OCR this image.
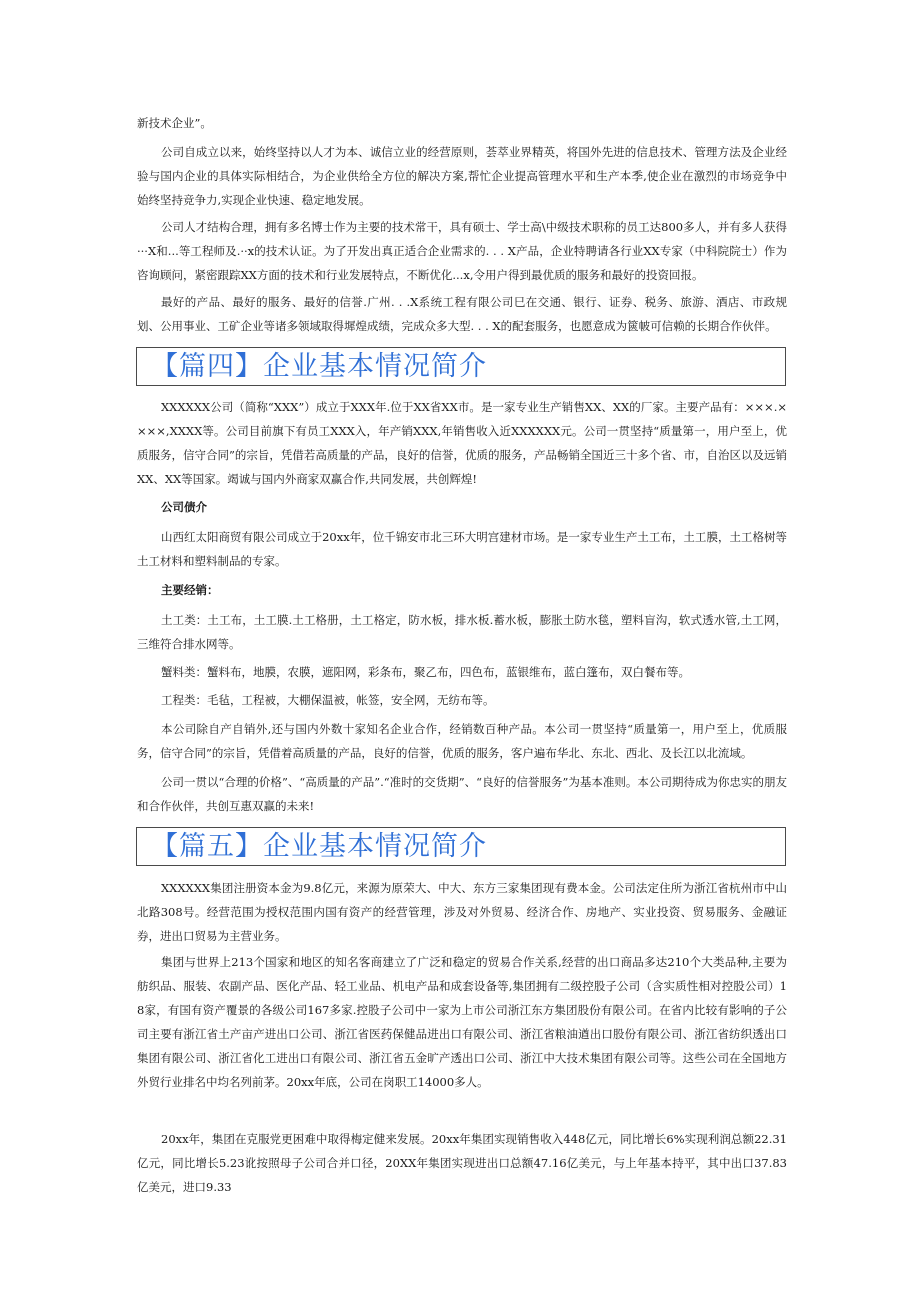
新技术企业”。

公司自成立以来，始终坚持以人才为本、诚信立业的经营原则，荟萃业界精英，将国外先进的信息技术、管理方法及企业经验与国内企业的具体实际相结合，为企业供给全方位的解决方案,帮忙企业提高管理水平和生产本季,使企业在激烈的市场竞争中始终坚持竞争力,实现企业快速、稳定地发展。

公司人才结构合理，拥有多名博士作为主要的技术常干，具有硕士、学士高\中级技术职称的员工达800多人，并有多人获得···X和...等工程师及.··x的技术认证。为了开发出真正适合企业需求的. . . X产品，企业特聘请各行业XX专家（中科院院士）作为咨询顾问，紧密跟踪XX方面的技术和行业发展特点，不断优化...x,令用户得到最优质的服务和最好的投资回报。

最好的产品、最好的服务、最好的信誉.广州. . .X系统工程有限公司巳在交通、银行、证券、税务、旅游、酒店、市政规划、公用事业、工矿企业等诸多领域取得墀煌成绩，完成众多大型. . . X的配套服务，也愿意成为篋帔可信赖的长期合作伙伴。

【篇四】企业基本情况简介

XXXXXX公司（简称“XXX”）成立于XXX年.位于XX省XX市。是一家专业生产销售XX、XX的厂家。主要产品有：×××.××××,XXXX等。公司目前旗下有员工XXX入，年产销XXX,年销售收入近XXXXXX元。公司一贯坚持“质量第一，用户至上，优质服务，信守合同”的宗旨，凭借若高质量的产品，良好的信誉，优质的服务，产品畅销全国近三十多个省、市，自治区以及远销XX、XX等国家。竭诚与国内外商家双赢合作,共同发展，共创辉煌!

公司债介

山西红太阳商贸有限公司成立于20xx年，位千锦安市北三环大明宫建材市场。是一家专业生产土工布，土工膜，土工格树等土工材料和塑料制品的专家。

主要经销：

土工类：土工布，土工膜.土工格册，土工格定，防水板，排水板.蓄水板，膨胀土防水毯，塑料盲沟，软式透水管,土工网，三维符合排水网等。

蟹料类：蟹料布，地膜，农膜，遮阳网，彩条布，聚乙布，四色布，蓝银维布，蓝白篷布，双白餐布等。

工程类：毛毡，工程被，大棚保温被，帐签，安全网，无纺布等。

本公司除自产自销外,还与国内外数十家知名企业合作，经销数百种产品。本公司一贯坚持“质量第一，用户至上，优质服务，信守合同”的宗旨，凭借着高质量的产品，良好的信誉，优质的服务，客户遍布华北、东北、西北、及长江以北流域。

公司一贯以“合理的价格”、“高质量的产品”.“准时的交货期”、“良好的信誉服务”为基本准则。本公司期待成为你忠实的朋友和合作伙伴，共创互惠双赢的未来!

【篇五】企业基本情况简介

XXXXXX集团注册资本金为9.8亿元，来源为原荣大、中大、东方三家集团现有费本金。公司法定住所为浙江省杭州市中山北路308号。经营范围为授权范围内国有资产的经营管理，涉及对外贸易、经济合作、房地产、实业投资、贸易服务、金融证券，进出口贸易为主营业务。

集团与世界上213个国家和地区的知名客商建立了广泛和稳定的贸易合作关系,经营的出口商品多达210个大类品种,主要为舫织品、服装、农副产品、医化产品、轻工业品、机电产品和成套设备等,集团拥有二级控股子公司（含实质性相对控股公司）18家，有国有资产覆景的各级公司167多家.控股子公司中一家为上市公司浙江东方集团股份有限公司。在省内比较有影响的子公司主要有浙江省土产亩产进出口公司、浙江省医药保健品进出口有限公司、浙江省粮油遒出口股份有限公司、浙江省纺织透出口集团有限公司、浙江省化工进出口有限公司、浙江省五金旷产透出口公司、浙江中大技术集团有限公司等。这些公司在全国地方外贸行业排名中均名列前茅。20xx年底，公司在岗职工14000多人。

20xx年，集团在克服党更困难中取得梅定健来发展。20xx年集团实现销售收入448亿元，同比增长6%实现利润总额22.31亿元，同比增长5.23讹按照母子公司合并口径，20XX年集团实现进出口总额47.16亿美元，与上年基本持平，其中出口37.83亿美元，进口9.33
